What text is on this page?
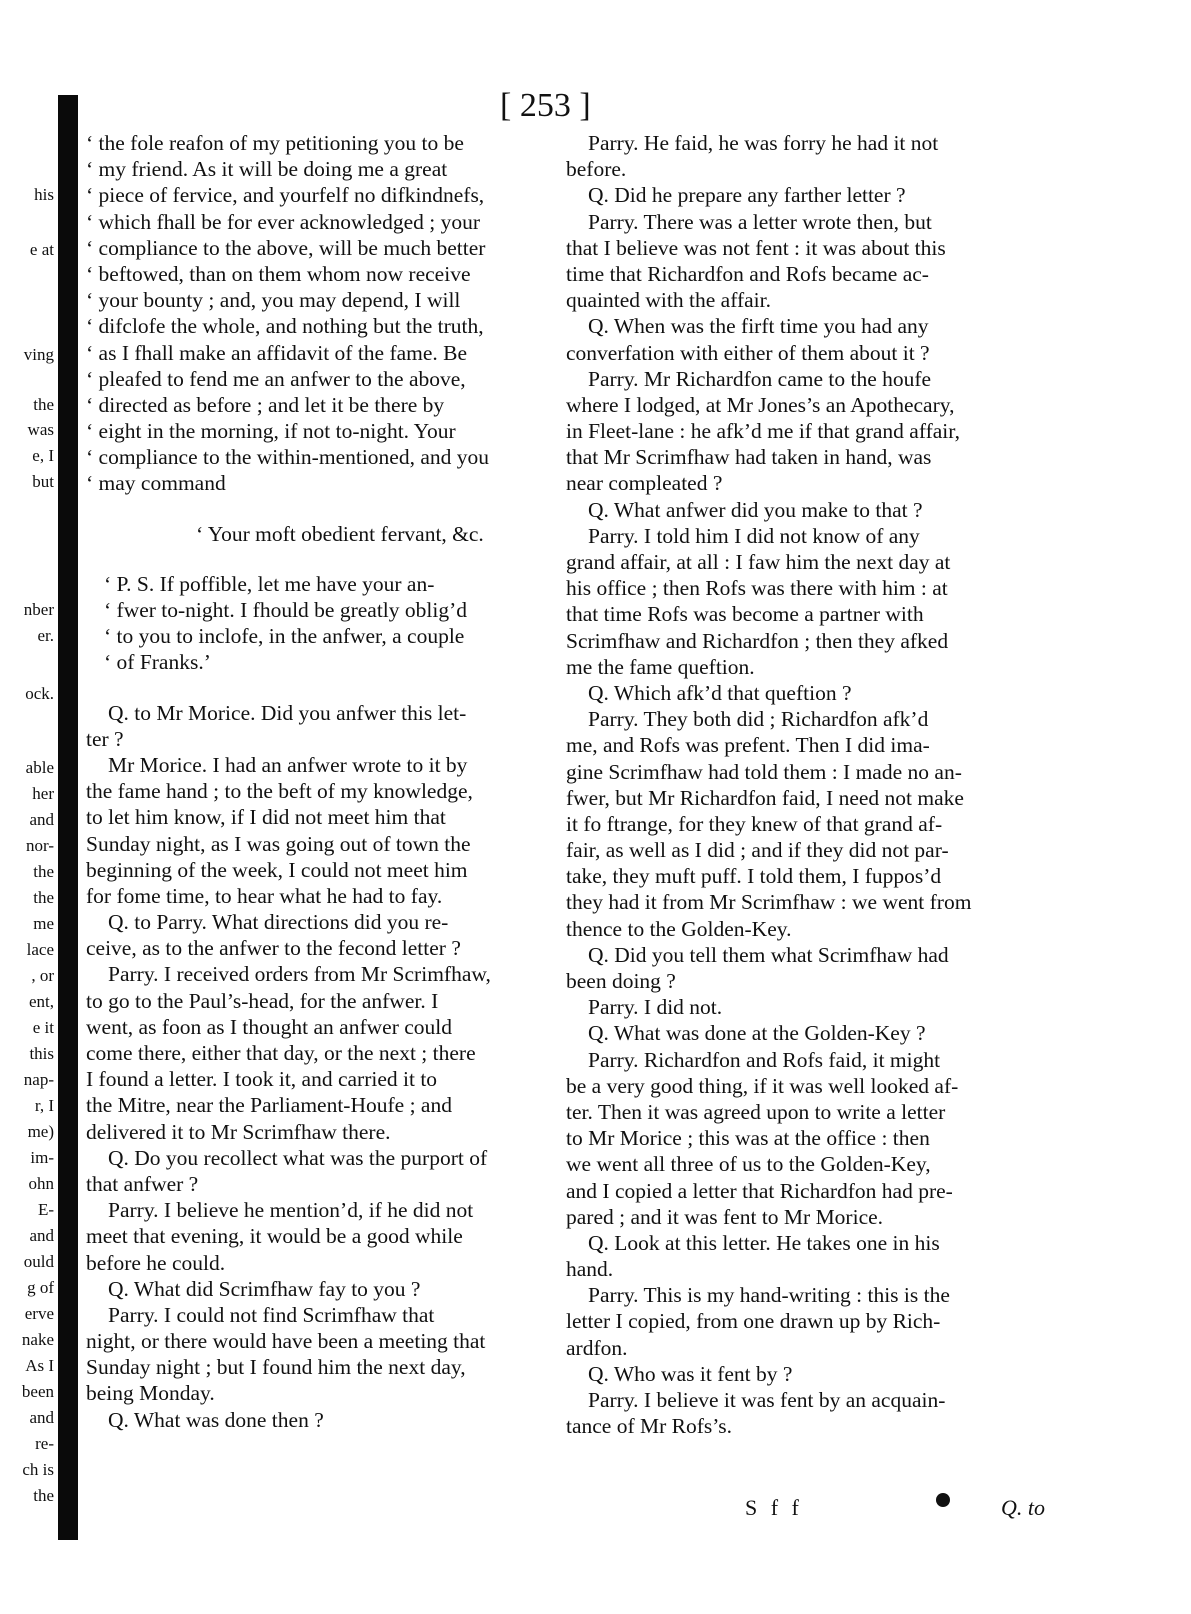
[ 253 ]
his
e at
ving
the
was
e, I
but
nber
er.
ock.
able
her
and
nor-
the
the
me
lace
, or
ent,
e it
this
nap-
r, I
me)
im-
ohn
E-
and
ould
g of
erve
nake
As I
been
and
re-
ch is
the
‘ the fole reafon of my petitioning you to be
‘ my friend. As it will be doing me a great
‘ piece of fervice, and yourfelf no difkindnefs,
‘ which fhall be for ever acknowledged ; your
‘ compliance to the above, will be much better
‘ beftowed, than on them whom now receive
‘ your bounty ; and, you may depend, I will
‘ difclofe the whole, and nothing but the truth,
‘ as I fhall make an affidavit of the fame. Be
‘ pleafed to fend me an anfwer to the above,
‘ directed as before ; and let it be there by
‘ eight in the morning, if not to-night. Your
‘ compliance to the within-mentioned, and you
‘ may command
‘ Your moft obedient fervant, &c.
‘ P. S. If poffible, let me have your an-
‘ fwer to-night. I fhould be greatly oblig’d
‘ to you to inclofe, in the anfwer, a couple
‘ of Franks.’
Q. to Mr Morice. Did you anfwer this let-
ter ?
Mr Morice. I had an anfwer wrote to it by
the fame hand ; to the beft of my knowledge,
to let him know, if I did not meet him that
Sunday night, as I was going out of town the
beginning of the week, I could not meet him
for fome time, to hear what he had to fay.
Q. to Parry. What directions did you re-
ceive, as to the anfwer to the fecond letter ?
Parry. I received orders from Mr Scrimfhaw,
to go to the Paul’s-head, for the anfwer. I
went, as foon as I thought an anfwer could
come there, either that day, or the next ; there
I found a letter. I took it, and carried it to
the Mitre, near the Parliament-Houfe ; and
delivered it to Mr Scrimfhaw there.
Q. Do you recollect what was the purport of
that anfwer ?
Parry. I believe he mention’d, if he did not
meet that evening, it would be a good while
before he could.
Q. What did Scrimfhaw fay to you ?
Parry. I could not find Scrimfhaw that
night, or there would have been a meeting that
Sunday night ; but I found him the next day,
being Monday.
Q. What was done then ?
Parry. He faid, he was forry he had it not
before.
Q. Did he prepare any farther letter ?
Parry. There was a letter wrote then, but
that I believe was not fent : it was about this
time that Richardfon and Rofs became ac-
quainted with the affair.
Q. When was the firft time you had any
converfation with either of them about it ?
Parry. Mr Richardfon came to the houfe
where I lodged, at Mr Jones’s an Apothecary,
in Fleet-lane : he afk’d me if that grand affair,
that Mr Scrimfhaw had taken in hand, was
near compleated ?
Q. What anfwer did you make to that ?
Parry. I told him I did not know of any
grand affair, at all : I faw him the next day at
his office ; then Rofs was there with him : at
that time Rofs was become a partner with
Scrimfhaw and Richardfon ; then they afked
me the fame queftion.
Q. Which afk’d that queftion ?
Parry. They both did ; Richardfon afk’d
me, and Rofs was prefent. Then I did ima-
gine Scrimfhaw had told them : I made no an-
fwer, but Mr Richardfon faid, I need not make
it fo ftrange, for they knew of that grand af-
fair, as well as I did ; and if they did not par-
take, they muft puff. I told them, I fuppos’d
they had it from Mr Scrimfhaw : we went from
thence to the Golden-Key.
Q. Did you tell them what Scrimfhaw had
been doing ?
Parry. I did not.
Q. What was done at the Golden-Key ?
Parry. Richardfon and Rofs faid, it might
be a very good thing, if it was well looked af-
ter. Then it was agreed upon to write a letter
to Mr Morice ; this was at the office : then
we went all three of us to the Golden-Key,
and I copied a letter that Richardfon had pre-
pared ; and it was fent to Mr Morice.
Q. Look at this letter. He takes one in his
hand.
Parry. This is my hand-writing : this is the
letter I copied, from one drawn up by Rich-
ardfon.
Q. Who was it fent by ?
Parry. I believe it was fent by an acquain-
tance of Mr Rofs’s.
S f f	Q. to
